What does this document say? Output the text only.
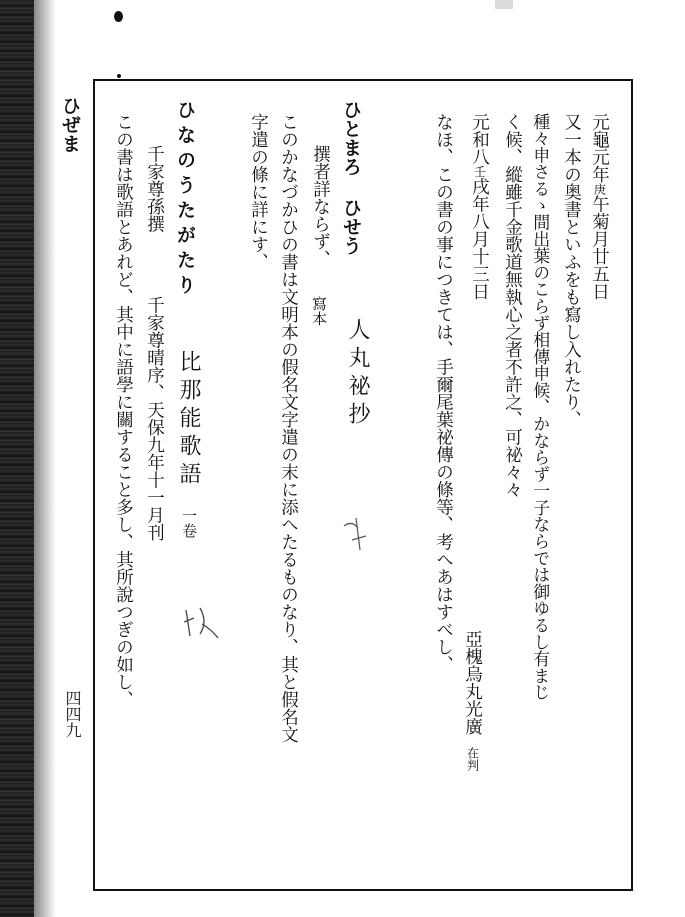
ひぜま
四四九
元龜元年庚午菊月廿五日
又一本の奥書といふをも寫し入れたり、
種々申さるゝ間出葉のこらず相傳申候、かならず一子ならでは御ゆるし有まじ
く候、縱雖千金歌道無執心之者不許之、可祕々々
亞槐烏丸光廣在判
元和八壬戌年八月十三日
なほ、この書の事につきては、手爾尾葉祕傳の條等、考へあはすべし、
ひとまろ ひせう
人丸祕抄
撰者詳ならず、
寫本
このかなづかひの書は文明本の假名文字遣の末に添へたるものなり、其と假名文
字遣の條に詳にす、
ひなのうたがたり
比那能歌語
一卷
千家尊孫撰
千家尊晴序、天保九年十一月刊
この書は歌語とあれど、其中に語學に關すること多し、其所說つぎの如し、
